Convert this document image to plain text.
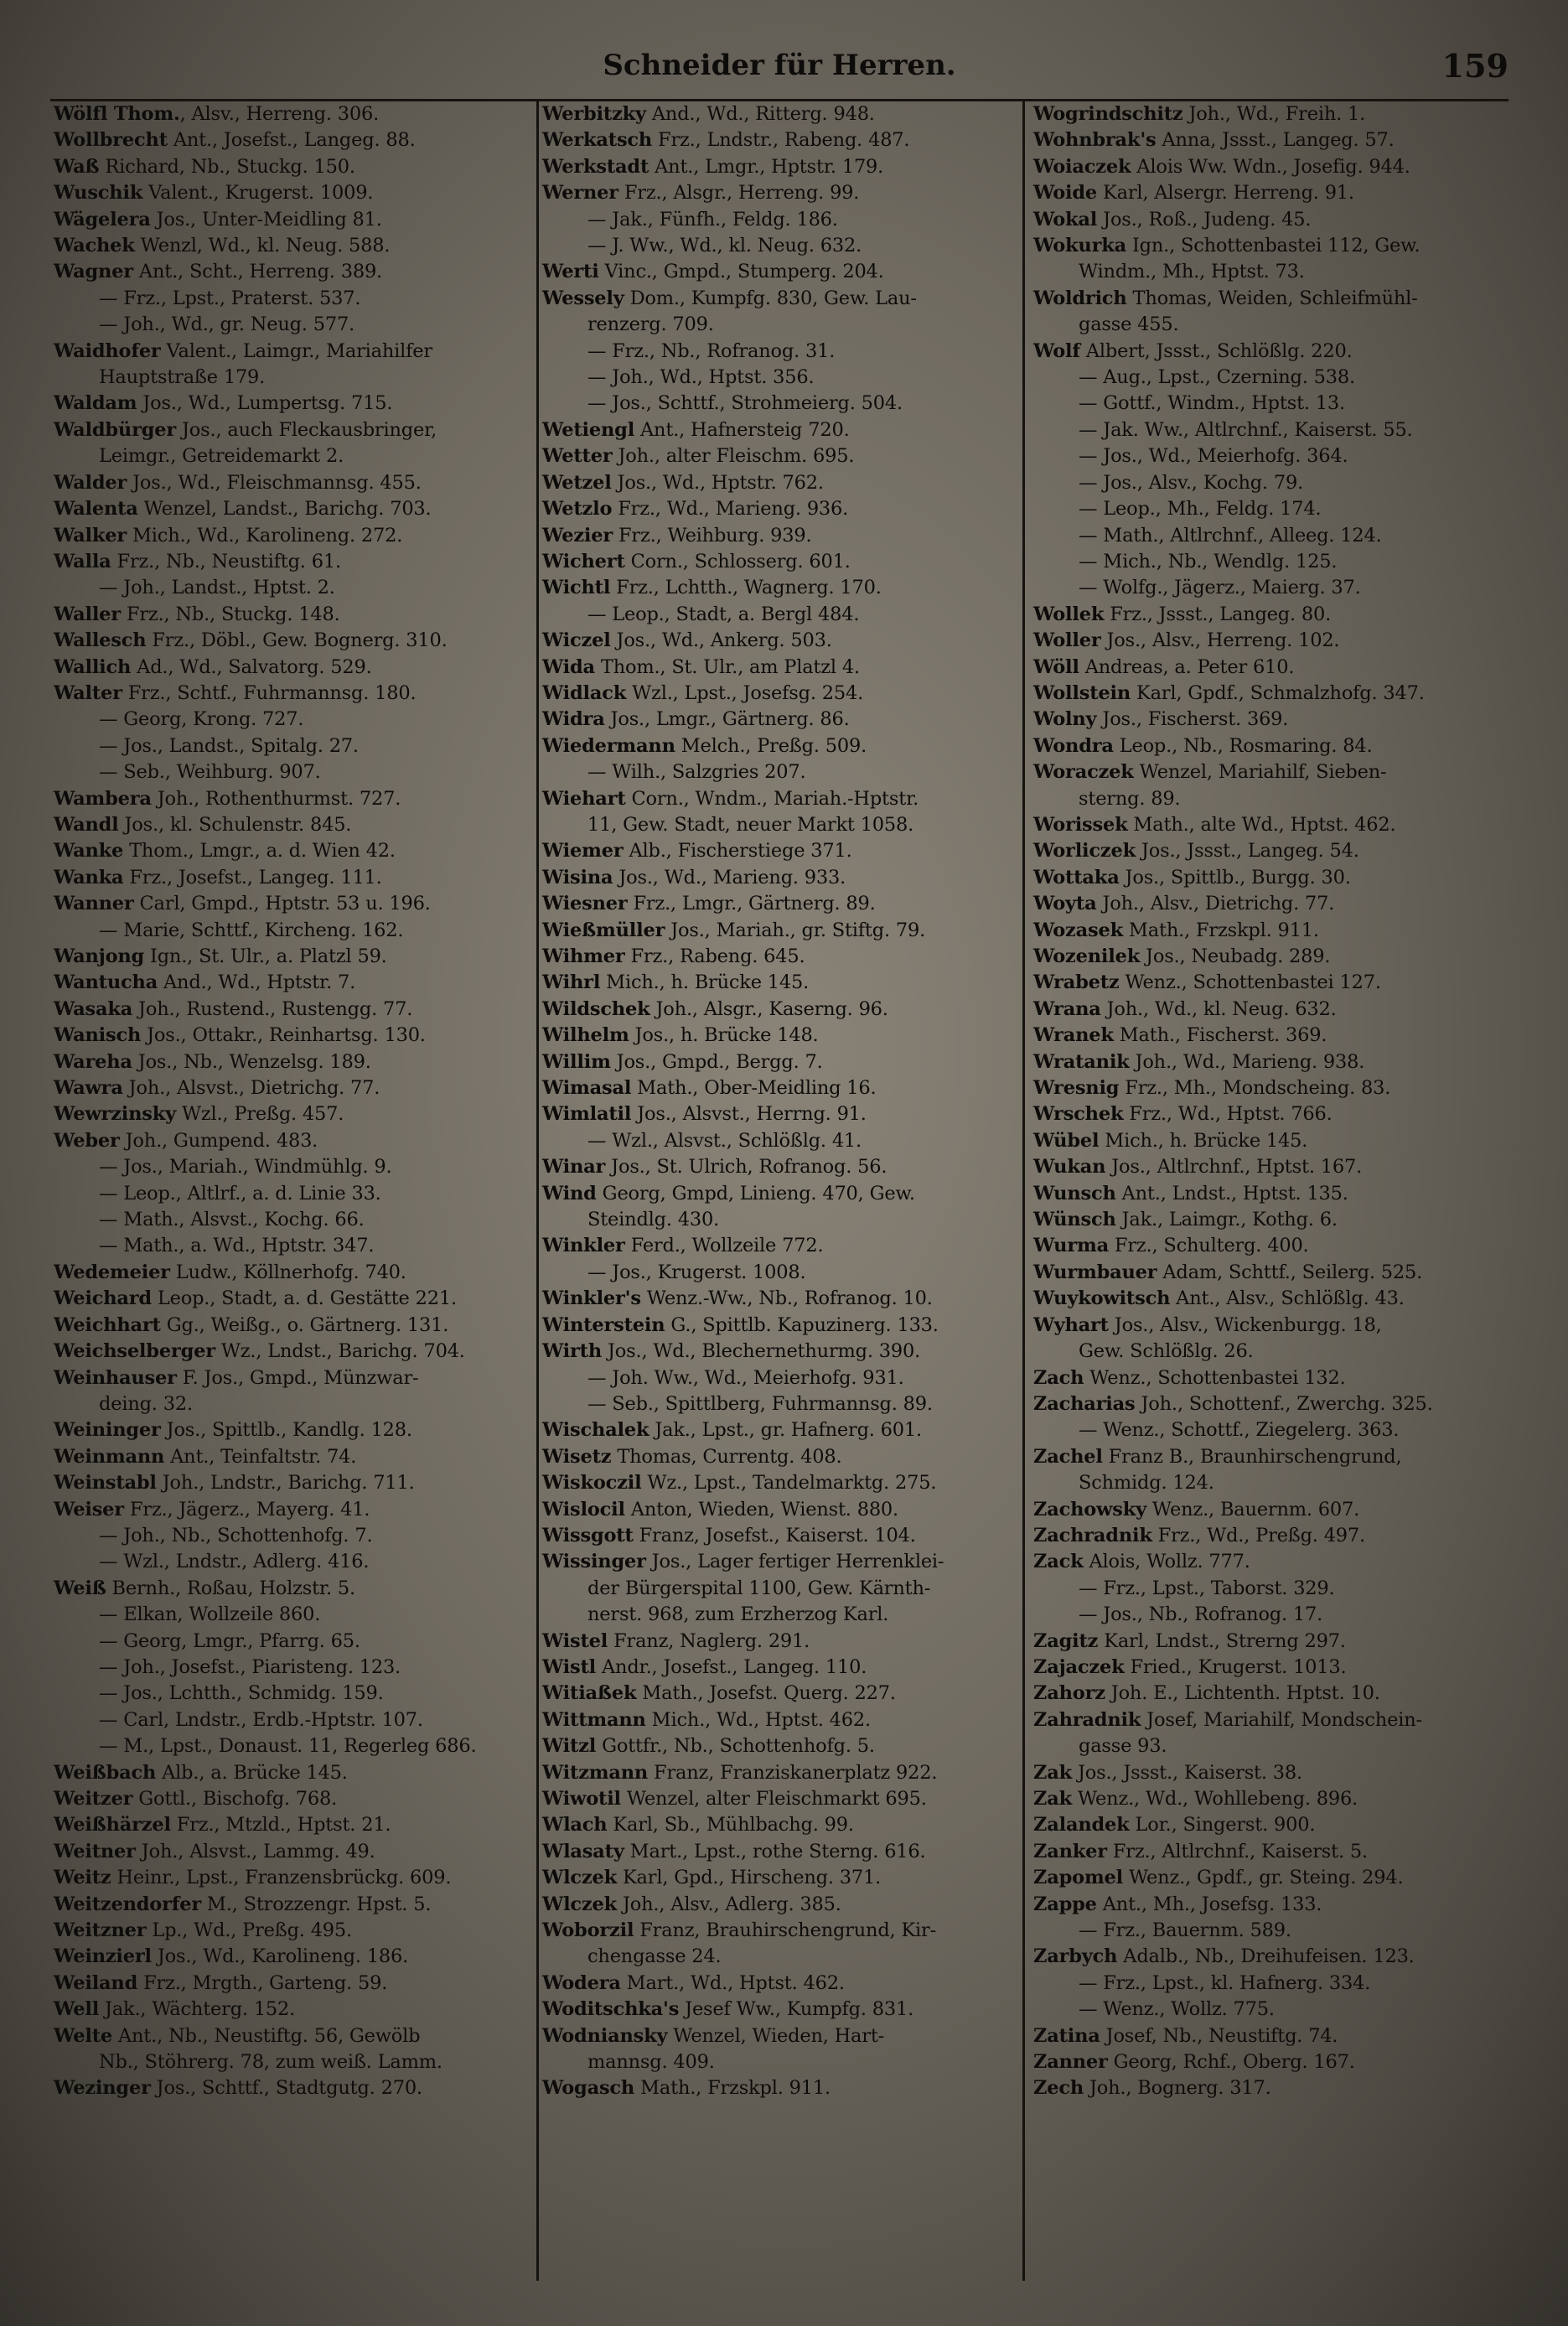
Schneider für Herren.	159
Wölfl Thom., Alsv., Herreng. 306.
Wollbrecht Ant., Josefst., Langeg. 88.
Waß Richard, Nb., Stuckg. 150.
Wuschik Valent., Krugerst. 1009.
Wägelera Jos., Unter-Meidling 81.
Wachek Wenzl, Wd., kl. Neug. 588.
Wagner Ant., Scht., Herreng. 389.
— Frz., Lpst., Praterst. 537.
— Joh., Wd., gr. Neug. 577.
Waidhofer Valent., Laimgr., Mariahilfer
Hauptstraße 179.
Waldam Jos., Wd., Lumpertsg. 715.
Waldbürger Jos., auch Fleckausbringer,
Leimgr., Getreidemarkt 2.
Walder Jos., Wd., Fleischmannsg. 455.
Walenta Wenzel, Landst., Barichg. 703.
Walker Mich., Wd., Karolineng. 272.
Walla Frz., Nb., Neustiftg. 61.
— Joh., Landst., Hptst. 2.
Waller Frz., Nb., Stuckg. 148.
Wallesch Frz., Döbl., Gew. Bognerg. 310.
Wallich Ad., Wd., Salvatorg. 529.
Walter Frz., Schtf., Fuhrmannsg. 180.
— Georg, Krong. 727.
— Jos., Landst., Spitalg. 27.
— Seb., Weihburg. 907.
Wambera Joh., Rothenthurmst. 727.
Wandl Jos., kl. Schulenstr. 845.
Wanke Thom., Lmgr., a. d. Wien 42.
Wanka Frz., Josefst., Langeg. 111.
Wanner Carl, Gmpd., Hptstr. 53 u. 196.
— Marie, Schttf., Kircheng. 162.
Wanjong Ign., St. Ulr., a. Platzl 59.
Wantucha And., Wd., Hptstr. 7.
Wasaka Joh., Rustend., Rustengg. 77.
Wanisch Jos., Ottakr., Reinhartsg. 130.
Wareha Jos., Nb., Wenzelsg. 189.
Wawra Joh., Alsvst., Dietrichg. 77.
Wewrzinsky Wzl., Preßg. 457.
Weber Joh., Gumpend. 483.
— Jos., Mariah., Windmühlg. 9.
— Leop., Altlrf., a. d. Linie 33.
— Math., Alsvst., Kochg. 66.
— Math., a. Wd., Hptstr. 347.
Wedemeier Ludw., Köllnerhofg. 740.
Weichard Leop., Stadt, a. d. Gestätte 221.
Weichhart Gg., Weißg., o. Gärtnerg. 131.
Weichselberger Wz., Lndst., Barichg. 704.
Weinhauser F. Jos., Gmpd., Münzwar-
deing. 32.
Weininger Jos., Spittlb., Kandlg. 128.
Weinmann Ant., Teinfaltstr. 74.
Weinstabl Joh., Lndstr., Barichg. 711.
Weiser Frz., Jägerz., Mayerg. 41.
— Joh., Nb., Schottenhofg. 7.
— Wzl., Lndstr., Adlerg. 416.
Weiß Bernh., Roßau, Holzstr. 5.
— Elkan, Wollzeile 860.
— Georg, Lmgr., Pfarrg. 65.
— Joh., Josefst., Piaristeng. 123.
— Jos., Lchtth., Schmidg. 159.
— Carl, Lndstr., Erdb.-Hptstr. 107.
— M., Lpst., Donaust. 11, Regerleg 686.
Weißbach Alb., a. Brücke 145.
Weitzer Gottl., Bischofg. 768.
Weißhärzel Frz., Mtzld., Hptst. 21.
Weitner Joh., Alsvst., Lammg. 49.
Weitz Heinr., Lpst., Franzensbrückg. 609.
Weitzendorfer M., Strozzengr. Hpst. 5.
Weitzner Lp., Wd., Preßg. 495.
Weinzierl Jos., Wd., Karolineng. 186.
Weiland Frz., Mrgth., Garteng. 59.
Well Jak., Wächterg. 152.
Welte Ant., Nb., Neustiftg. 56, Gewölb
Nb., Stöhrerg. 78, zum weiß. Lamm.
Wezinger Jos., Schttf., Stadtgutg. 270.
Werbitzky And., Wd., Ritterg. 948.
Werkatsch Frz., Lndstr., Rabeng. 487.
Werkstadt Ant., Lmgr., Hptstr. 179.
Werner Frz., Alsgr., Herreng. 99.
— Jak., Fünfh., Feldg. 186.
— J. Ww., Wd., kl. Neug. 632.
Werti Vinc., Gmpd., Stumperg. 204.
Wessely Dom., Kumpfg. 830, Gew. Lau-
renzerg. 709.
— Frz., Nb., Rofranog. 31.
— Joh., Wd., Hptst. 356.
— Jos., Schttf., Strohmeierg. 504.
Wetiengl Ant., Hafnersteig 720.
Wetter Joh., alter Fleischm. 695.
Wetzel Jos., Wd., Hptstr. 762.
Wetzlo Frz., Wd., Marieng. 936.
Wezier Frz., Weihburg. 939.
Wichert Corn., Schlosserg. 601.
Wichtl Frz., Lchtth., Wagnerg. 170.
— Leop., Stadt, a. Bergl 484.
Wiczel Jos., Wd., Ankerg. 503.
Wida Thom., St. Ulr., am Platzl 4.
Widlack Wzl., Lpst., Josefsg. 254.
Widra Jos., Lmgr., Gärtnerg. 86.
Wiedermann Melch., Preßg. 509.
— Wilh., Salzgries 207.
Wiehart Corn., Wndm., Mariah.-Hptstr.
11, Gew. Stadt, neuer Markt 1058.
Wiemer Alb., Fischerstiege 371.
Wisina Jos., Wd., Marieng. 933.
Wiesner Frz., Lmgr., Gärtnerg. 89.
Wießmüller Jos., Mariah., gr. Stiftg. 79.
Wihmer Frz., Rabeng. 645.
Wihrl Mich., h. Brücke 145.
Wildschek Joh., Alsgr., Kaserng. 96.
Wilhelm Jos., h. Brücke 148.
Willim Jos., Gmpd., Bergg. 7.
Wimasal Math., Ober-Meidling 16.
Wimlatil Jos., Alsvst., Herrng. 91.
— Wzl., Alsvst., Schlößlg. 41.
Winar Jos., St. Ulrich, Rofranog. 56.
Wind Georg, Gmpd, Linieng. 470, Gew.
Steindlg. 430.
Winkler Ferd., Wollzeile 772.
— Jos., Krugerst. 1008.
Winkler's Wenz.-Ww., Nb., Rofranog. 10.
Winterstein G., Spittlb. Kapuzinerg. 133.
Wirth Jos., Wd., Blechernethurmg. 390.
— Joh. Ww., Wd., Meierhofg. 931.
— Seb., Spittlberg, Fuhrmannsg. 89.
Wischalek Jak., Lpst., gr. Hafnerg. 601.
Wisetz Thomas, Currentg. 408.
Wiskoczil Wz., Lpst., Tandelmarktg. 275.
Wislocil Anton, Wieden, Wienst. 880.
Wissgott Franz, Josefst., Kaiserst. 104.
Wissinger Jos., Lager fertiger Herrenklei-
der Bürgerspital 1100, Gew. Kärnth-
nerst. 968, zum Erzherzog Karl.
Wistel Franz, Naglerg. 291.
Wistl Andr., Josefst., Langeg. 110.
Witiaßek Math., Josefst. Querg. 227.
Wittmann Mich., Wd., Hptst. 462.
Witzl Gottfr., Nb., Schottenhofg. 5.
Witzmann Franz, Franziskanerplatz 922.
Wiwotil Wenzel, alter Fleischmarkt 695.
Wlach Karl, Sb., Mühlbachg. 99.
Wlasaty Mart., Lpst., rothe Sterng. 616.
Wlczek Karl, Gpd., Hirscheng. 371.
Wlczek Joh., Alsv., Adlerg. 385.
Woborzil Franz, Brauhirschengrund, Kir-
chengasse 24.
Wodera Mart., Wd., Hptst. 462.
Woditschka's Jesef Ww., Kumpfg. 831.
Wodniansky Wenzel, Wieden, Hart-
mannsg. 409.
Wogasch Math., Frzskpl. 911.
Wogrindschitz Joh., Wd., Freih. 1.
Wohnbrak's Anna, Jssst., Langeg. 57.
Woiaczek Alois Ww. Wdn., Josefig. 944.
Woide Karl, Alsergr. Herreng. 91.
Wokal Jos., Roß., Judeng. 45.
Wokurka Ign., Schottenbastei 112, Gew.
Windm., Mh., Hptst. 73.
Woldrich Thomas, Weiden, Schleifmühl-
gasse 455.
Wolf Albert, Jssst., Schlößlg. 220.
— Aug., Lpst., Czerning. 538.
— Gottf., Windm., Hptst. 13.
— Jak. Ww., Altlrchnf., Kaiserst. 55.
— Jos., Wd., Meierhofg. 364.
— Jos., Alsv., Kochg. 79.
— Leop., Mh., Feldg. 174.
— Math., Altlrchnf., Alleeg. 124.
— Mich., Nb., Wendlg. 125.
— Wolfg., Jägerz., Maierg. 37.
Wollek Frz., Jssst., Langeg. 80.
Woller Jos., Alsv., Herreng. 102.
Wöll Andreas, a. Peter 610.
Wollstein Karl, Gpdf., Schmalzhofg. 347.
Wolny Jos., Fischerst. 369.
Wondra Leop., Nb., Rosmaring. 84.
Woraczek Wenzel, Mariahilf, Sieben-
sterng. 89.
Worissek Math., alte Wd., Hptst. 462.
Worliczek Jos., Jssst., Langeg. 54.
Wottaka Jos., Spittlb., Burgg. 30.
Woyta Joh., Alsv., Dietrichg. 77.
Wozasek Math., Frzskpl. 911.
Wozenilek Jos., Neubadg. 289.
Wrabetz Wenz., Schottenbastei 127.
Wrana Joh., Wd., kl. Neug. 632.
Wranek Math., Fischerst. 369.
Wratanik Joh., Wd., Marieng. 938.
Wresnig Frz., Mh., Mondscheing. 83.
Wrschek Frz., Wd., Hptst. 766.
Wübel Mich., h. Brücke 145.
Wukan Jos., Altlrchnf., Hptst. 167.
Wunsch Ant., Lndst., Hptst. 135.
Wünsch Jak., Laimgr., Kothg. 6.
Wurma Frz., Schulterg. 400.
Wurmbauer Adam, Schttf., Seilerg. 525.
Wuykowitsch Ant., Alsv., Schlößlg. 43.
Wyhart Jos., Alsv., Wickenburgg. 18,
Gew. Schlößlg. 26.
Zach Wenz., Schottenbastei 132.
Zacharias Joh., Schottenf., Zwerchg. 325.
— Wenz., Schottf., Ziegelerg. 363.
Zachel Franz B., Braunhirschengrund,
Schmidg. 124.
Zachowsky Wenz., Bauernm. 607.
Zachradnik Frz., Wd., Preßg. 497.
Zack Alois, Wollz. 777.
— Frz., Lpst., Taborst. 329.
— Jos., Nb., Rofranog. 17.
Zagitz Karl, Lndst., Strerng 297.
Zajaczek Fried., Krugerst. 1013.
Zahorz Joh. E., Lichtenth. Hptst. 10.
Zahradnik Josef, Mariahilf, Mondschein-
gasse 93.
Zak Jos., Jssst., Kaiserst. 38.
Zak Wenz., Wd., Wohllebeng. 896.
Zalandek Lor., Singerst. 900.
Zanker Frz., Altlrchnf., Kaiserst. 5.
Zapomel Wenz., Gpdf., gr. Steing. 294.
Zappe Ant., Mh., Josefsg. 133.
— Frz., Bauernm. 589.
Zarbych Adalb., Nb., Dreihufeisen. 123.
— Frz., Lpst., kl. Hafnerg. 334.
— Wenz., Wollz. 775.
Zatina Josef, Nb., Neustiftg. 74.
Zanner Georg, Rchf., Oberg. 167.
Zech Joh., Bognerg. 317.
